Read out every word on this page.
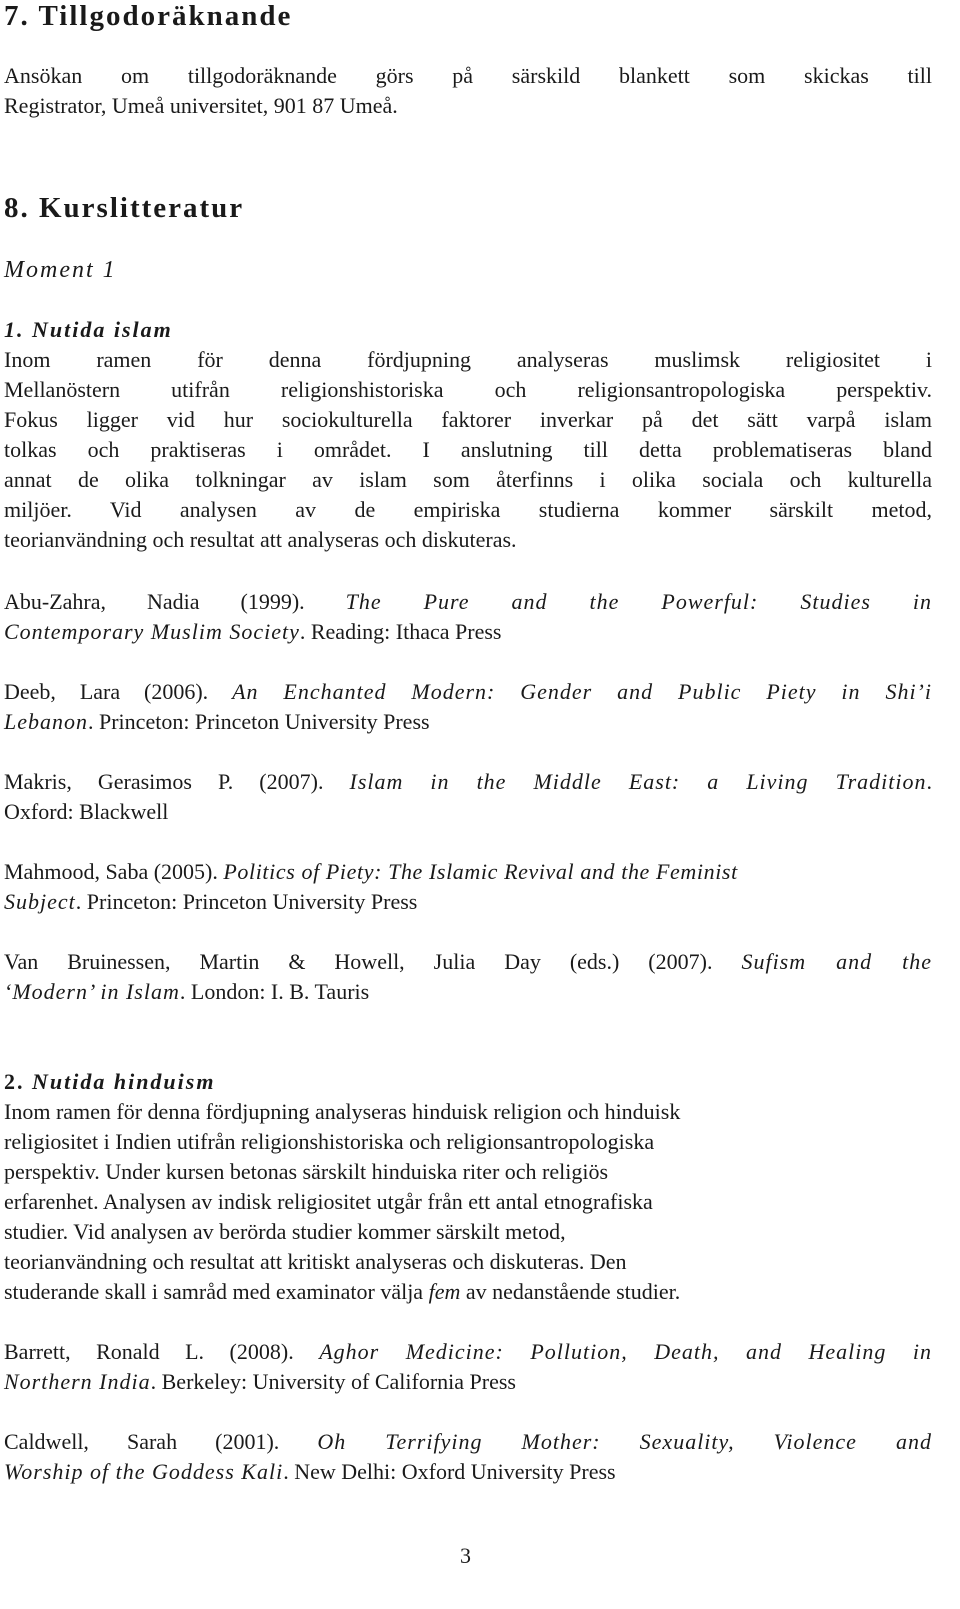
7. Tillgodoräknande
Ansökan om tillgodoräknande görs på särskild blankett som skickas till
Registrator, Umeå universitet, 901 87 Umeå.
8. Kurslitteratur
Moment 1
1. Nutida islam
Inom ramen för denna fördjupning analyseras muslimsk religiositet i
Mellanöstern utifrån religionshistoriska och religionsantropologiska perspektiv.
Fokus ligger vid hur sociokulturella faktorer inverkar på det sätt varpå islam
tolkas och praktiseras i området. I anslutning till detta problematiseras bland
annat de olika tolkningar av islam som återfinns i olika sociala och kulturella
miljöer. Vid analysen av de empiriska studierna kommer särskilt metod,
teorianvändning och resultat att analyseras och diskuteras.
Abu-Zahra, Nadia (1999). The Pure and the Powerful: Studies in
Contemporary Muslim Society. Reading: Ithaca Press
Deeb, Lara (2006). An Enchanted Modern: Gender and Public Piety in Shi’i
Lebanon. Princeton: Princeton University Press
Makris, Gerasimos P. (2007). Islam in the Middle East: a Living Tradition.
Oxford: Blackwell
Mahmood, Saba (2005). Politics of Piety: The Islamic Revival and the Feminist
Subject. Princeton: Princeton University Press
Van Bruinessen, Martin & Howell, Julia Day (eds.) (2007). Sufism and the
‘Modern’ in Islam. London: I. B. Tauris
2. Nutida hinduism
Inom ramen för denna fördjupning analyseras hinduisk religion och hinduisk
religiositet i Indien utifrån religionshistoriska och religionsantropologiska
perspektiv. Under kursen betonas särskilt hinduiska riter och religiös
erfarenhet. Analysen av indisk religiositet utgår från ett antal etnografiska
studier. Vid analysen av berörda studier kommer särskilt metod,
teorianvändning och resultat att kritiskt analyseras och diskuteras. Den
studerande skall i samråd med examinator välja fem av nedanstående studier.
Barrett, Ronald L. (2008). Aghor Medicine: Pollution, Death, and Healing in
Northern India. Berkeley: University of California Press
Caldwell, Sarah (2001). Oh Terrifying Mother: Sexuality, Violence and
Worship of the Goddess Kali. New Delhi: Oxford University Press
3
